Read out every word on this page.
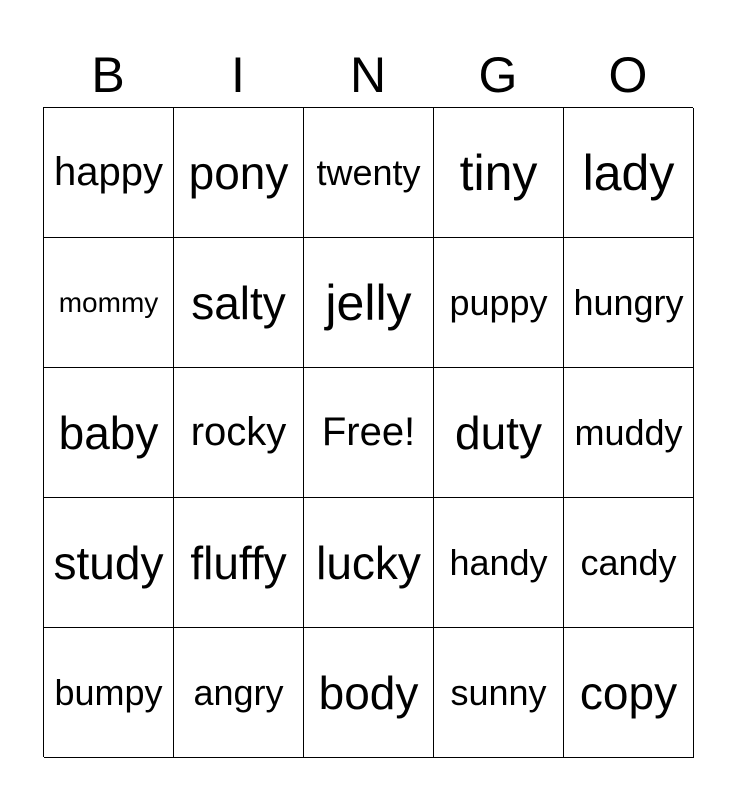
B	I	N	G	O
happy pony twenty tiny lady
mommy salty jelly	puppy hungry
baby rocky Free! duty muddy
study fluffy lucky handy candy
bumpy angry body sunny copy
